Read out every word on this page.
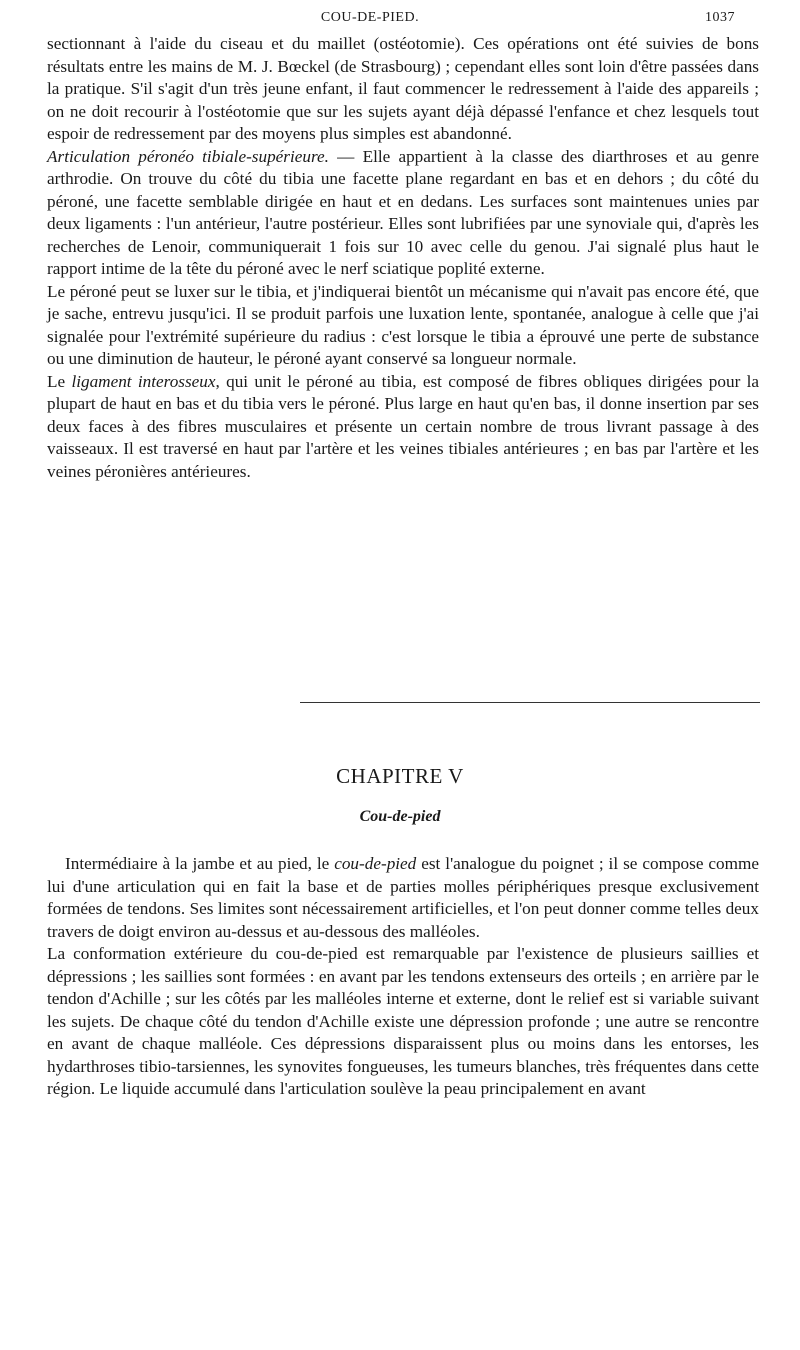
COU-DE-PIED.	1037

sectionnant à l'aide du ciseau et du maillet (ostéotomie). Ces opérations ont été suivies de bons résultats entre les mains de M. J. Bœckel (de Strasbourg) ; cependant elles sont loin d'être passées dans la pratique. S'il s'agit d'un très jeune enfant, il faut commencer le redressement à l'aide des appareils ; on ne doit recourir à l'ostéotomie que sur les sujets ayant déjà dépassé l'enfance et chez lesquels tout espoir de redressement par des moyens plus simples est abandonné.

Articulation péronéo tibiale-supérieure. — Elle appartient à la classe des diarthroses et au genre arthrodie. On trouve du côté du tibia une facette plane regardant en bas et en dehors ; du côté du péroné, une facette semblable dirigée en haut et en dedans. Les surfaces sont maintenues unies par deux ligaments : l'un antérieur, l'autre postérieur. Elles sont lubrifiées par une synoviale qui, d'après les recherches de Lenoir, communiquerait 1 fois sur 10 avec celle du genou. J'ai signalé plus haut le rapport intime de la tête du péroné avec le nerf sciatique poplité externe.

Le péroné peut se luxer sur le tibia, et j'indiquerai bientôt un mécanisme qui n'avait pas encore été, que je sache, entrevu jusqu'ici. Il se produit parfois une luxation lente, spontanée, analogue à celle que j'ai signalée pour l'extrémité supérieure du radius : c'est lorsque le tibia a éprouvé une perte de substance ou une diminution de hauteur, le péroné ayant conservé sa longueur normale.

Le ligament interosseux, qui unit le péroné au tibia, est composé de fibres obliques dirigées pour la plupart de haut en bas et du tibia vers le péroné. Plus large en haut qu'en bas, il donne insertion par ses deux faces à des fibres musculaires et présente un certain nombre de trous livrant passage à des vaisseaux. Il est traversé en haut par l'artère et les veines tibiales antérieures ; en bas par l'artère et les veines péronières antérieures.

CHAPITRE V
Cou-de-pied

Intermédiaire à la jambe et au pied, le cou-de-pied est l'analogue du poignet ; il se compose comme lui d'une articulation qui en fait la base et de parties molles périphériques presque exclusivement formées de tendons. Ses limites sont nécessairement artificielles, et l'on peut donner comme telles deux travers de doigt environ au-dessus et au-dessous des malléoles.

La conformation extérieure du cou-de-pied est remarquable par l'existence de plusieurs saillies et dépressions ; les saillies sont formées : en avant par les tendons extenseurs des orteils ; en arrière par le tendon d'Achille ; sur les côtés par les malléoles interne et externe, dont le relief est si variable suivant les sujets. De chaque côté du tendon d'Achille existe une dépression profonde ; une autre se rencontre en avant de chaque malléole. Ces dépressions disparaissent plus ou moins dans les entorses, les hydarthroses tibio-tarsiennes, les synovites fongueuses, les tumeurs blanches, très fréquentes dans cette région. Le liquide accumulé dans l'articulation soulève la peau principalement en avant
